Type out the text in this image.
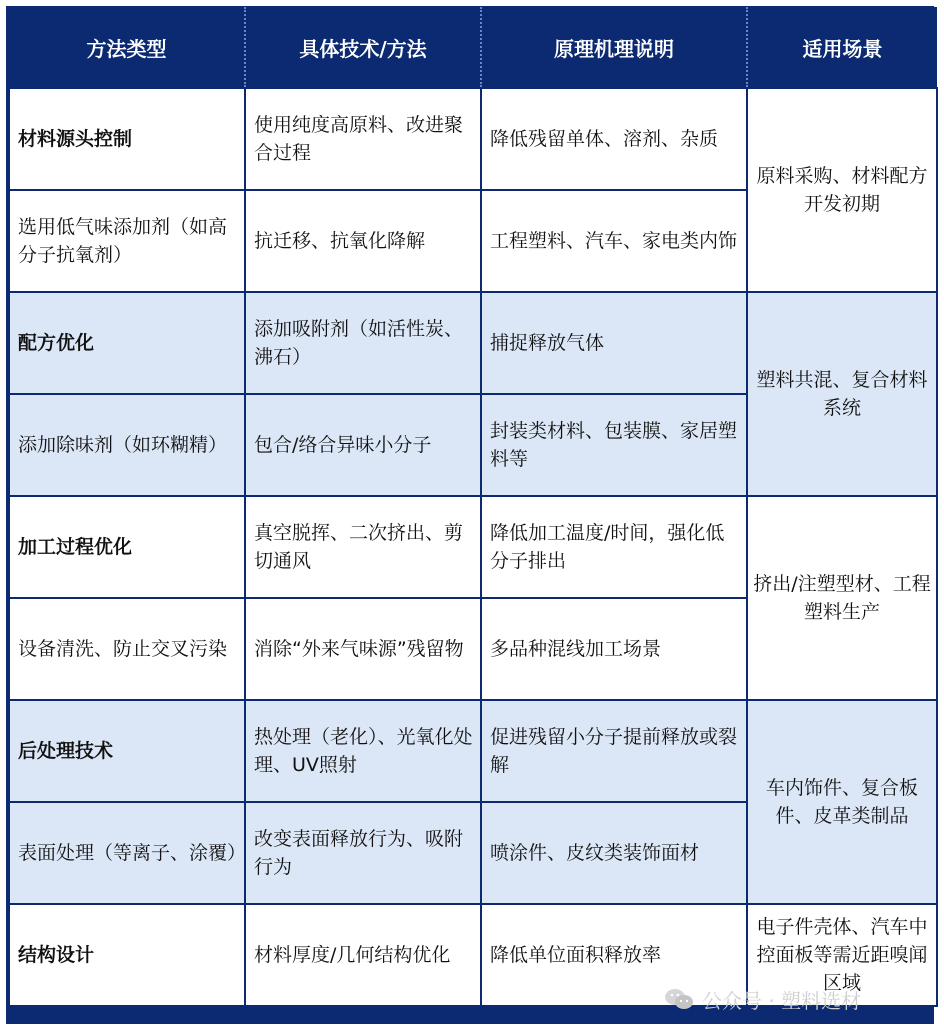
方法类型	具体技术/方法	原理机理说明	适用场景
材料源头控制	使用纯度高原料、改进聚合过程	降低残留单体、溶剂、杂质	原料采购、材料配方开发初期
选用低气味添加剂（如高分子抗氧剂）	抗迁移、抗氧化降解	工程塑料、汽车、家电类内饰	
配方优化	添加吸附剂（如活性炭、沸石）	捕捉释放气体	塑料共混、复合材料系统
添加除味剂（如环糊精）	包合/络合异味小分子	封装类材料、包装膜、家居塑料等	
加工过程优化	真空脱挥、二次挤出、剪切通风	降低加工温度/时间，强化低分子排出	挤出/注塑型材、工程塑料生产
设备清洗、防止交叉污染	消除“外来气味源”残留物	多品种混线加工场景	
后处理技术	热处理（老化）、光氧化处理、UV照射	促进残留小分子提前释放或裂解	车内饰件、复合板件、皮革类制品
表面处理（等离子、涂覆）	改变表面释放行为、吸附行为	喷涂件、皮纹类装饰面材	
结构设计	材料厚度/几何结构优化	降低单位面积释放率	电子件壳体、汽车中控面板等需近距嗅闻区域
公众号 · 塑料选材
